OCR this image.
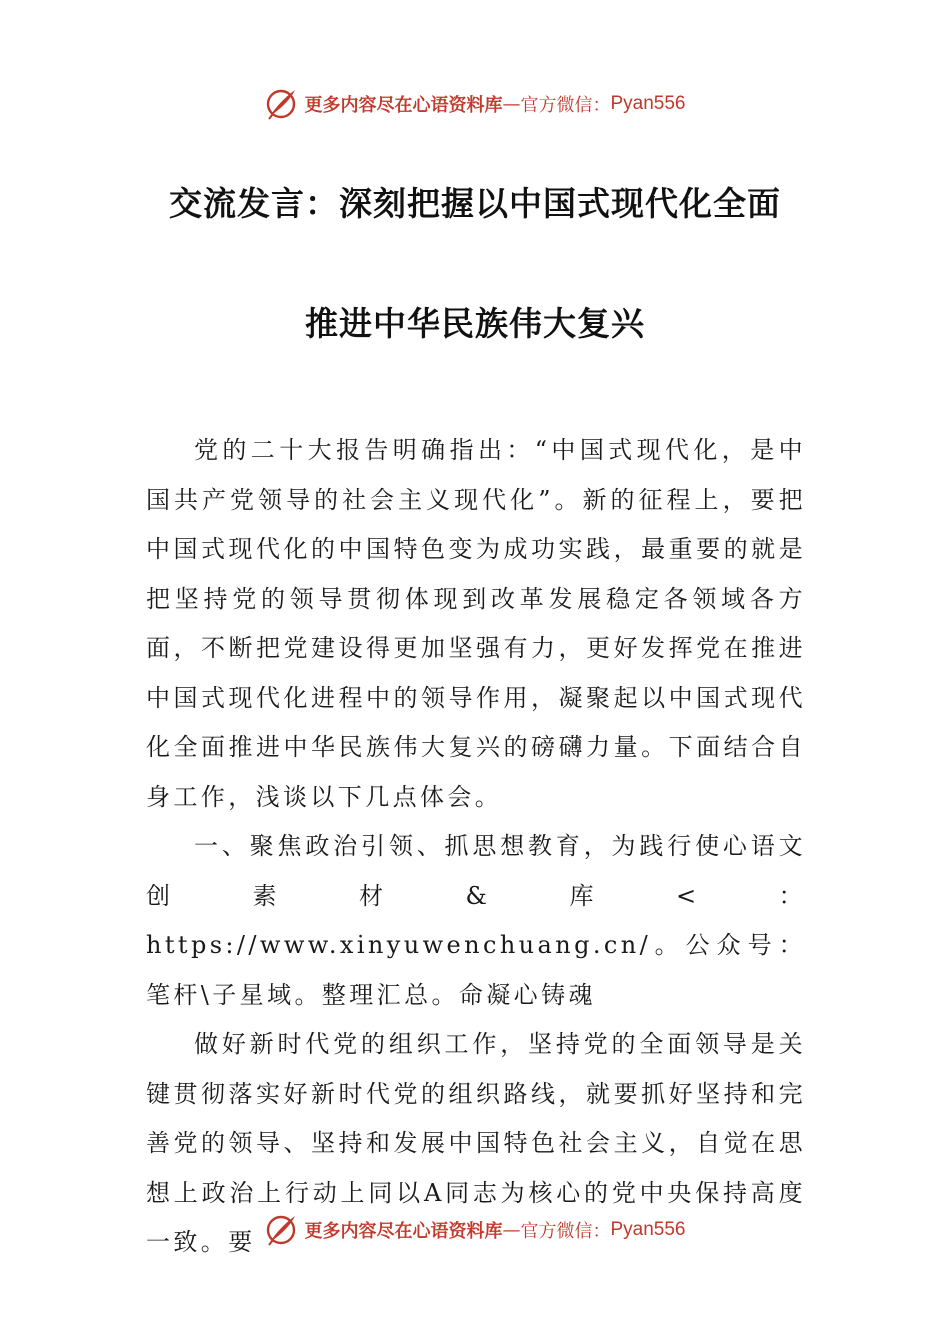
更多内容尽在心语资料库 — 官方微信： Pyan556
交流发言：深刻把握以中国式现代化全面
推进中华民族伟大复兴

党的二十大报告明确指出：“中国式现代化，是中国共产党领导的社会主义现代化”。新的征程上，要把中国式现代化的中国特色变为成功实践，最重要的就是把坚持党的领导贯彻体现到改革发展稳定各领域各方面，不断把党建设得更加坚强有力，更好发挥党在推进中国式现代化进程中的领导作用，凝聚起以中国式现代化全面推进中华民族伟大复兴的磅礴力量。下面结合自身工作，浅谈以下几点体会。

一、聚焦政治引领、抓思想教育，为践行使心语文创素材&库<：https://www.xinyuwenchuang.cn/。公众号：笔杆\子星域。整理汇总。命凝心铸魂

做好新时代党的组织工作，坚持党的全面领导是关键贯彻落实好新时代党的组织路线，就要抓好坚持和完善党的领导、坚持和发展中国特色社会主义，自觉在思想上政治上行动上同以A同志为核心的党中央保持高度一致。要	更多内容尽在心语资料库 — 官方微信： Pyan556
